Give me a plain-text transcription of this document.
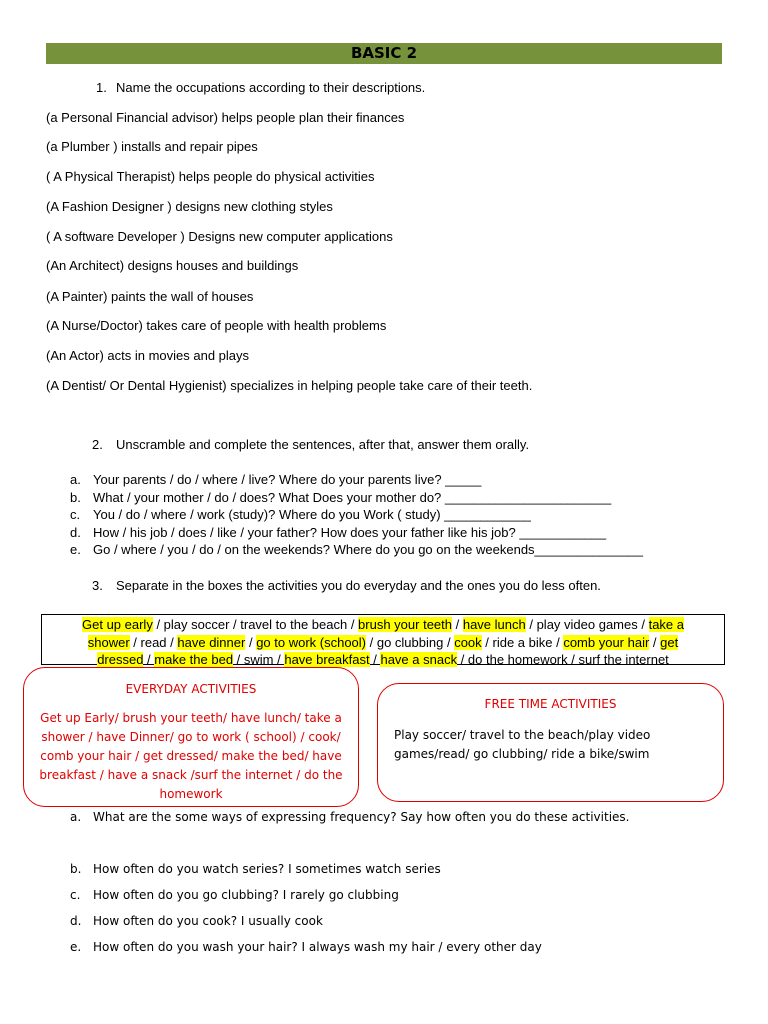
BASIC 2
1. Name the occupations according to their descriptions.
(a Personal Financial advisor) helps people plan their finances
(a Plumber ) installs and repair pipes
( A Physical Therapist) helps people do physical activities
(A Fashion Designer ) designs new clothing styles
( A software Developer ) Designs new computer applications
(An Architect) designs houses and buildings
(A Painter) paints the wall of houses
(A Nurse/Doctor) takes care of people with health problems
(An Actor) acts in movies and plays
(A Dentist/ Or Dental Hygienist) specializes in helping people take care of their teeth.
2. Unscramble and complete the sentences, after that, answer them orally.
a. Your parents / do / where / live? Where do your parents live? _____
b. What / your mother / do / does? What Does your mother do? _______________________
c. You / do / where / work (study)? Where do you Work ( study) ____________
d. How / his job / does / like / your father? How does your father like his job? ____________
e. Go / where / you / do / on the weekends? Where do you go on the weekends_______________
3. Separate in the boxes the activities you do everyday and the ones you do less often.
Get up early / play soccer / travel to the beach / brush your teeth / have lunch / play video games / take a
shower / read / have dinner / go to work (school) / go clubbing / cook / ride a bike / comb your hair / get
dressed / make the bed / swim / have breakfast / have a snack / do the homework / surf the internet
EVERYDAY ACTIVITIES
Get up Early/ brush your teeth/ have lunch/ take a
shower / have Dinner/ go to work ( school) / cook/
comb your hair / get dressed/ make the bed/ have
breakfast / have a snack /surf the internet / do the
homework
FREE TIME ACTIVITIES
Play soccer/ travel to the beach/play video
games/read/ go clubbing/ ride a bike/swim
a. What are the some ways of expressing frequency? Say how often you do these activities.
b. How often do you watch series? I sometimes watch series
c. How often do you go clubbing? I rarely go clubbing
d. How often do you cook? I usually cook
e. How often do you wash your hair? I always wash my hair / every other day
